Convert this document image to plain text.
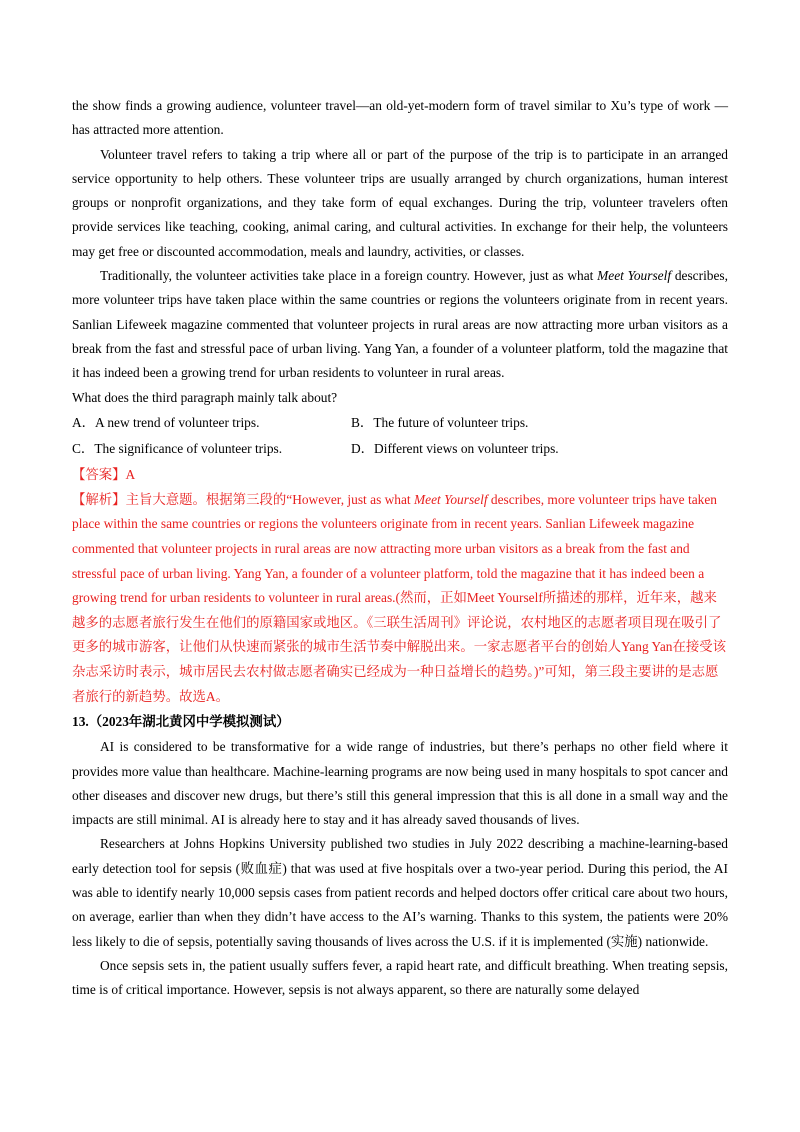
the show finds a growing audience, volunteer travel—an old-yet-modern form of travel similar to Xu’s type of work — has attracted more attention.

Volunteer travel refers to taking a trip where all or part of the purpose of the trip is to participate in an arranged service opportunity to help others. These volunteer trips are usually arranged by church organizations, human interest groups or nonprofit organizations, and they take form of equal exchanges. During the trip, volunteer travelers often provide services like teaching, cooking, animal caring, and cultural activities. In exchange for their help, the volunteers may get free or discounted accommodation, meals and laundry, activities, or classes.

Traditionally, the volunteer activities take place in a foreign country. However, just as what Meet Yourself describes, more volunteer trips have taken place within the same countries or regions the volunteers originate from in recent years. Sanlian Lifeweek magazine commented that volunteer projects in rural areas are now attracting more urban visitors as a break from the fast and stressful pace of urban living. Yang Yan, a founder of a volunteer platform, told the magazine that it has indeed been a growing trend for urban residents to volunteer in rural areas.

What does the third paragraph mainly talk about?

A．A new trend of volunteer trips.	B．The future of volunteer trips.
C．The significance of volunteer trips.	D．Different views on volunteer trips.

【答案】A

【解析】主旨大意题。根据第三段的“However, just as what Meet Yourself describes, more volunteer trips have taken place within the same countries or regions the volunteers originate from in recent years. Sanlian Lifeweek magazine commented that volunteer projects in rural areas are now attracting more urban visitors as a break from the fast and stressful pace of urban living. Yang Yan, a founder of a volunteer platform, told the magazine that it has indeed been a growing trend for urban residents to volunteer in rural areas.(然而，正如Meet Yourself所描述的那样，近年来，越来越多的志愿者旅行发生在他们的原籍国家或地区。《三联生活周刊》评论说，农村地区的志愿者项目现在吸引了更多的城市游客，让他们从快速而紧张的城市生活节奏中解脱出来。一家志愿者平台的创始人Yang Yan在接受该杂志采访时表示，城市居民去农村做志愿者确实已经成为一种日益增长的趋势。)”可知，第三段主要讲的是志愿者旅行的新趋势。故选A。

13.（2023年湖北黄冈中学模拟测试）

AI is considered to be transformative for a wide range of industries, but there’s perhaps no other field where it provides more value than healthcare. Machine-learning programs are now being used in many hospitals to spot cancer and other diseases and discover new drugs, but there’s still this general impression that this is all done in a small way and the impacts are still minimal. AI is already here to stay and it has already saved thousands of lives.

Researchers at Johns Hopkins University published two studies in July 2022 describing a machine-learning-based early detection tool for sepsis (败血症) that was used at five hospitals over a two-year period. During this period, the AI was able to identify nearly 10,000 sepsis cases from patient records and helped doctors offer critical care about two hours, on average, earlier than when they didn’t have access to the AI’s warning. Thanks to this system, the patients were 20% less likely to die of sepsis, potentially saving thousands of lives across the U.S. if it is implemented (实施) nationwide.

Once sepsis sets in, the patient usually suffers fever, a rapid heart rate, and difficult breathing. When treating sepsis, time is of critical importance. However, sepsis is not always apparent, so there are naturally some delayed
